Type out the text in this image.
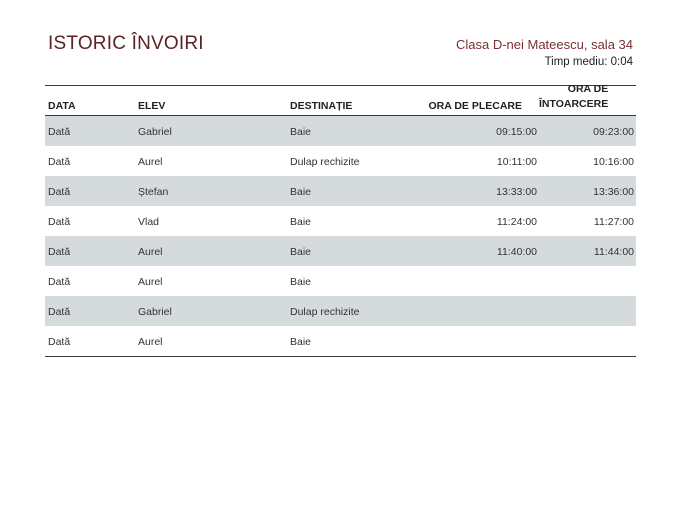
ISTORIC ÎNVOIRI	Clasa D-nei Mateescu, sala 34
Timp mediu: 0:04
DATA	ELEV	DESTINAȚIE	ORA DE PLECARE
ORA DE
ÎNTOARCERE
Dată	Gabriel	Baie	09:15:00	09:23:00
Dată	Aurel	Dulap rechizite	10:11:00	10:16:00
Dată	Ștefan	Baie	13:33:00	13:36:00
Dată	Vlad	Baie	11:24:00	11:27:00
Dată	Aurel	Baie	11:40:00	11:44:00
Dată	Aurel	Baie
Dată	Gabriel	Dulap rechizite
Dată	Aurel	Baie
